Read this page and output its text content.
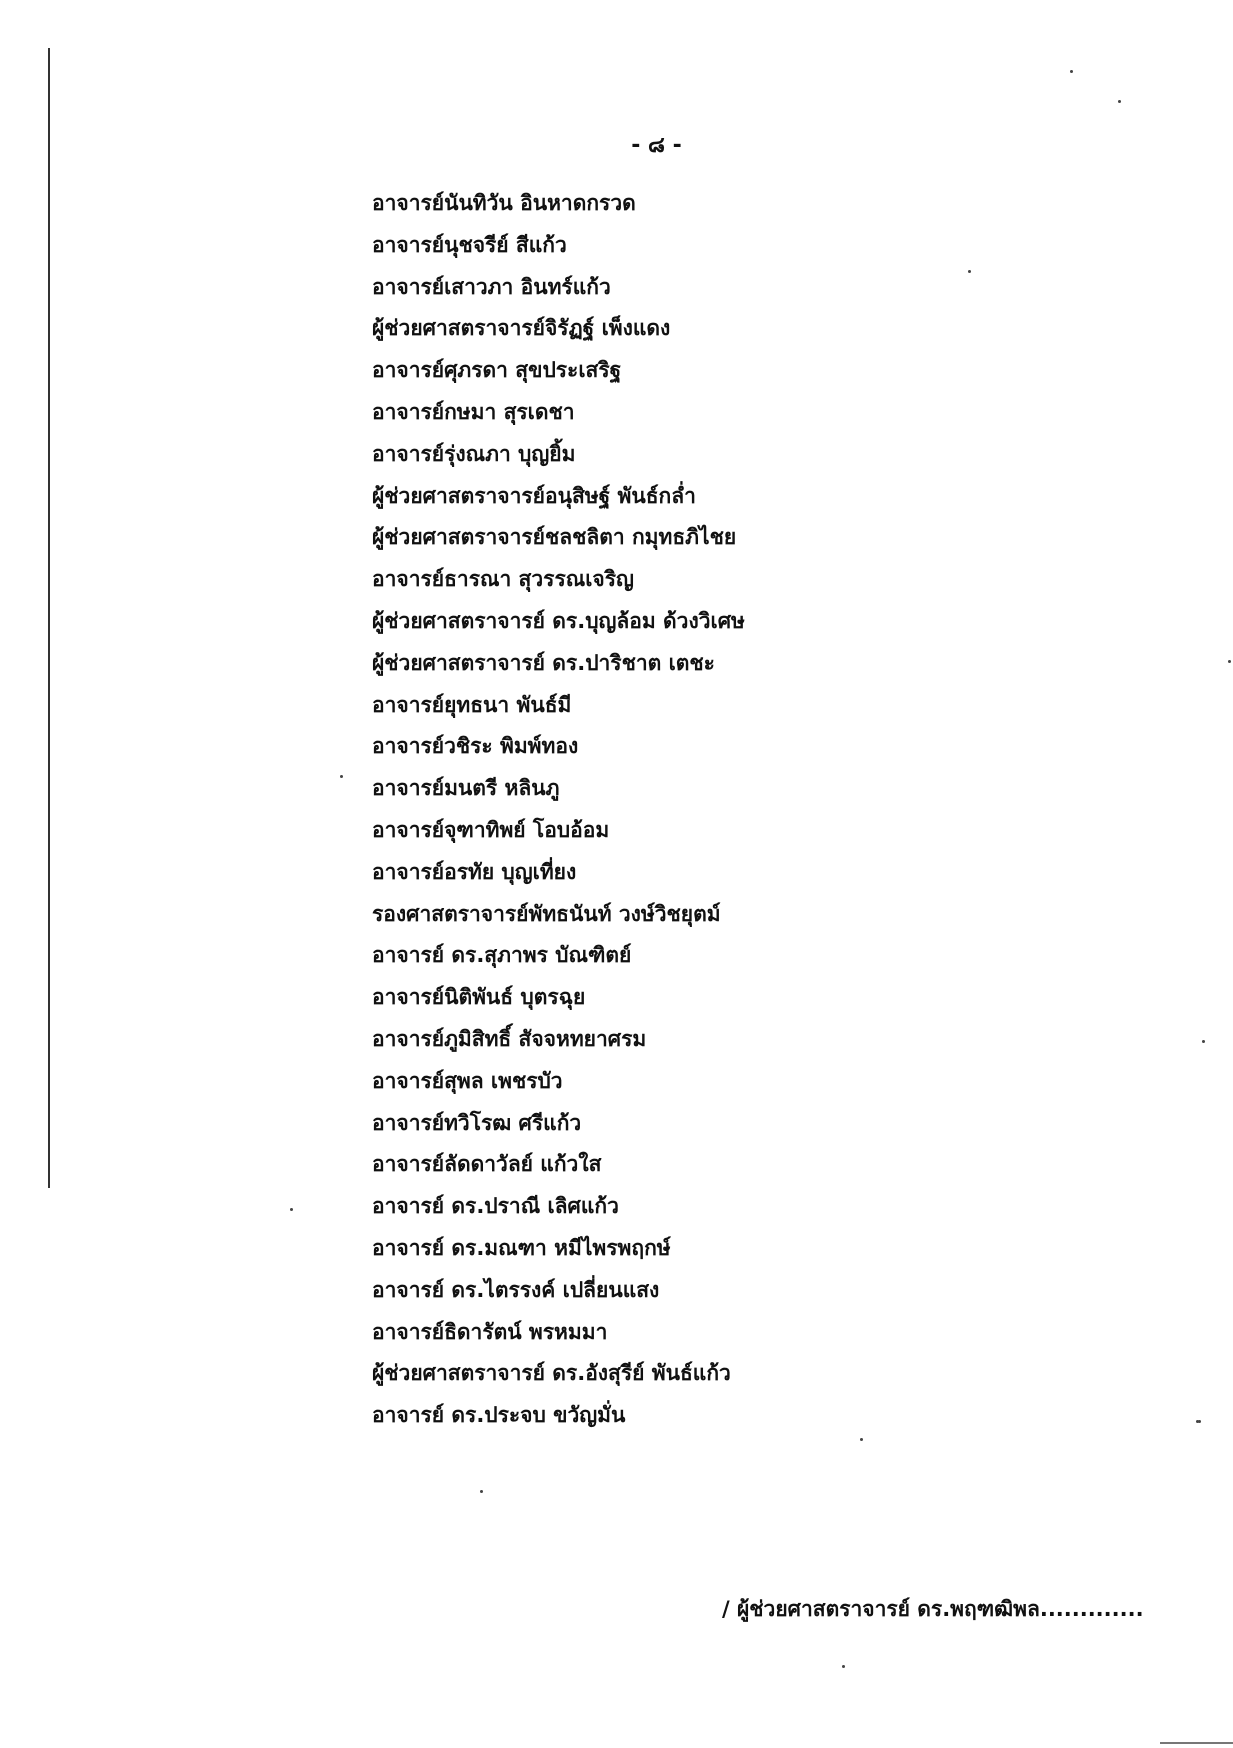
- ๘ -
อาจารย์นันทิวัน อินหาดกรวด
อาจารย์นุชจรีย์ สีแก้ว
อาจารย์เสาวภา อินทร์แก้ว
ผู้ช่วยศาสตราจารย์จิรัฏฐ์ เพ็งแดง
อาจารย์ศุภรดา สุขประเสริฐ
อาจารย์กษมา สุรเดชา
อาจารย์รุ่งณภา บุญยิ้ม
ผู้ช่วยศาสตราจารย์อนุสิษฐ์ พันธ์กล่ำ
ผู้ช่วยศาสตราจารย์ชลชลิตา กมุทธภิไชย
อาจารย์ธารณา สุวรรณเจริญ
ผู้ช่วยศาสตราจารย์ ดร.บุญล้อม ด้วงวิเศษ
ผู้ช่วยศาสตราจารย์ ดร.ปาริชาต เตชะ
อาจารย์ยุทธนา พันธ์มี
อาจารย์วชิระ พิมพ์ทอง
อาจารย์มนตรี หลินภู
อาจารย์จุฑาทิพย์ โอบอ้อม
อาจารย์อรทัย บุญเที่ยง
รองศาสตราจารย์พัทธนันท์ วงษ์วิชยุตม์
อาจารย์ ดร.สุภาพร บัณฑิตย์
อาจารย์นิติพันธ์ บุตรฉุย
อาจารย์ภูมิสิทธิ์ สัจจหทยาศรม
อาจารย์สุพล เพชรบัว
อาจารย์ทวิโรฒ ศรีแก้ว
อาจารย์ลัดดาวัลย์ แก้วใส
อาจารย์ ดร.ปราณี เลิศแก้ว
อาจารย์ ดร.มณฑา หมีไพรพฤกษ์
อาจารย์ ดร.ไตรรงค์ เปลี่ยนแสง
อาจารย์ธิดารัตน์ พรหมมา
ผู้ช่วยศาสตราจารย์ ดร.อังสุรีย์ พันธ์แก้ว
อาจารย์ ดร.ประจบ ขวัญมั่น
/ ผู้ช่วยศาสตราจารย์ ดร.พฤฑฒิพล.............
